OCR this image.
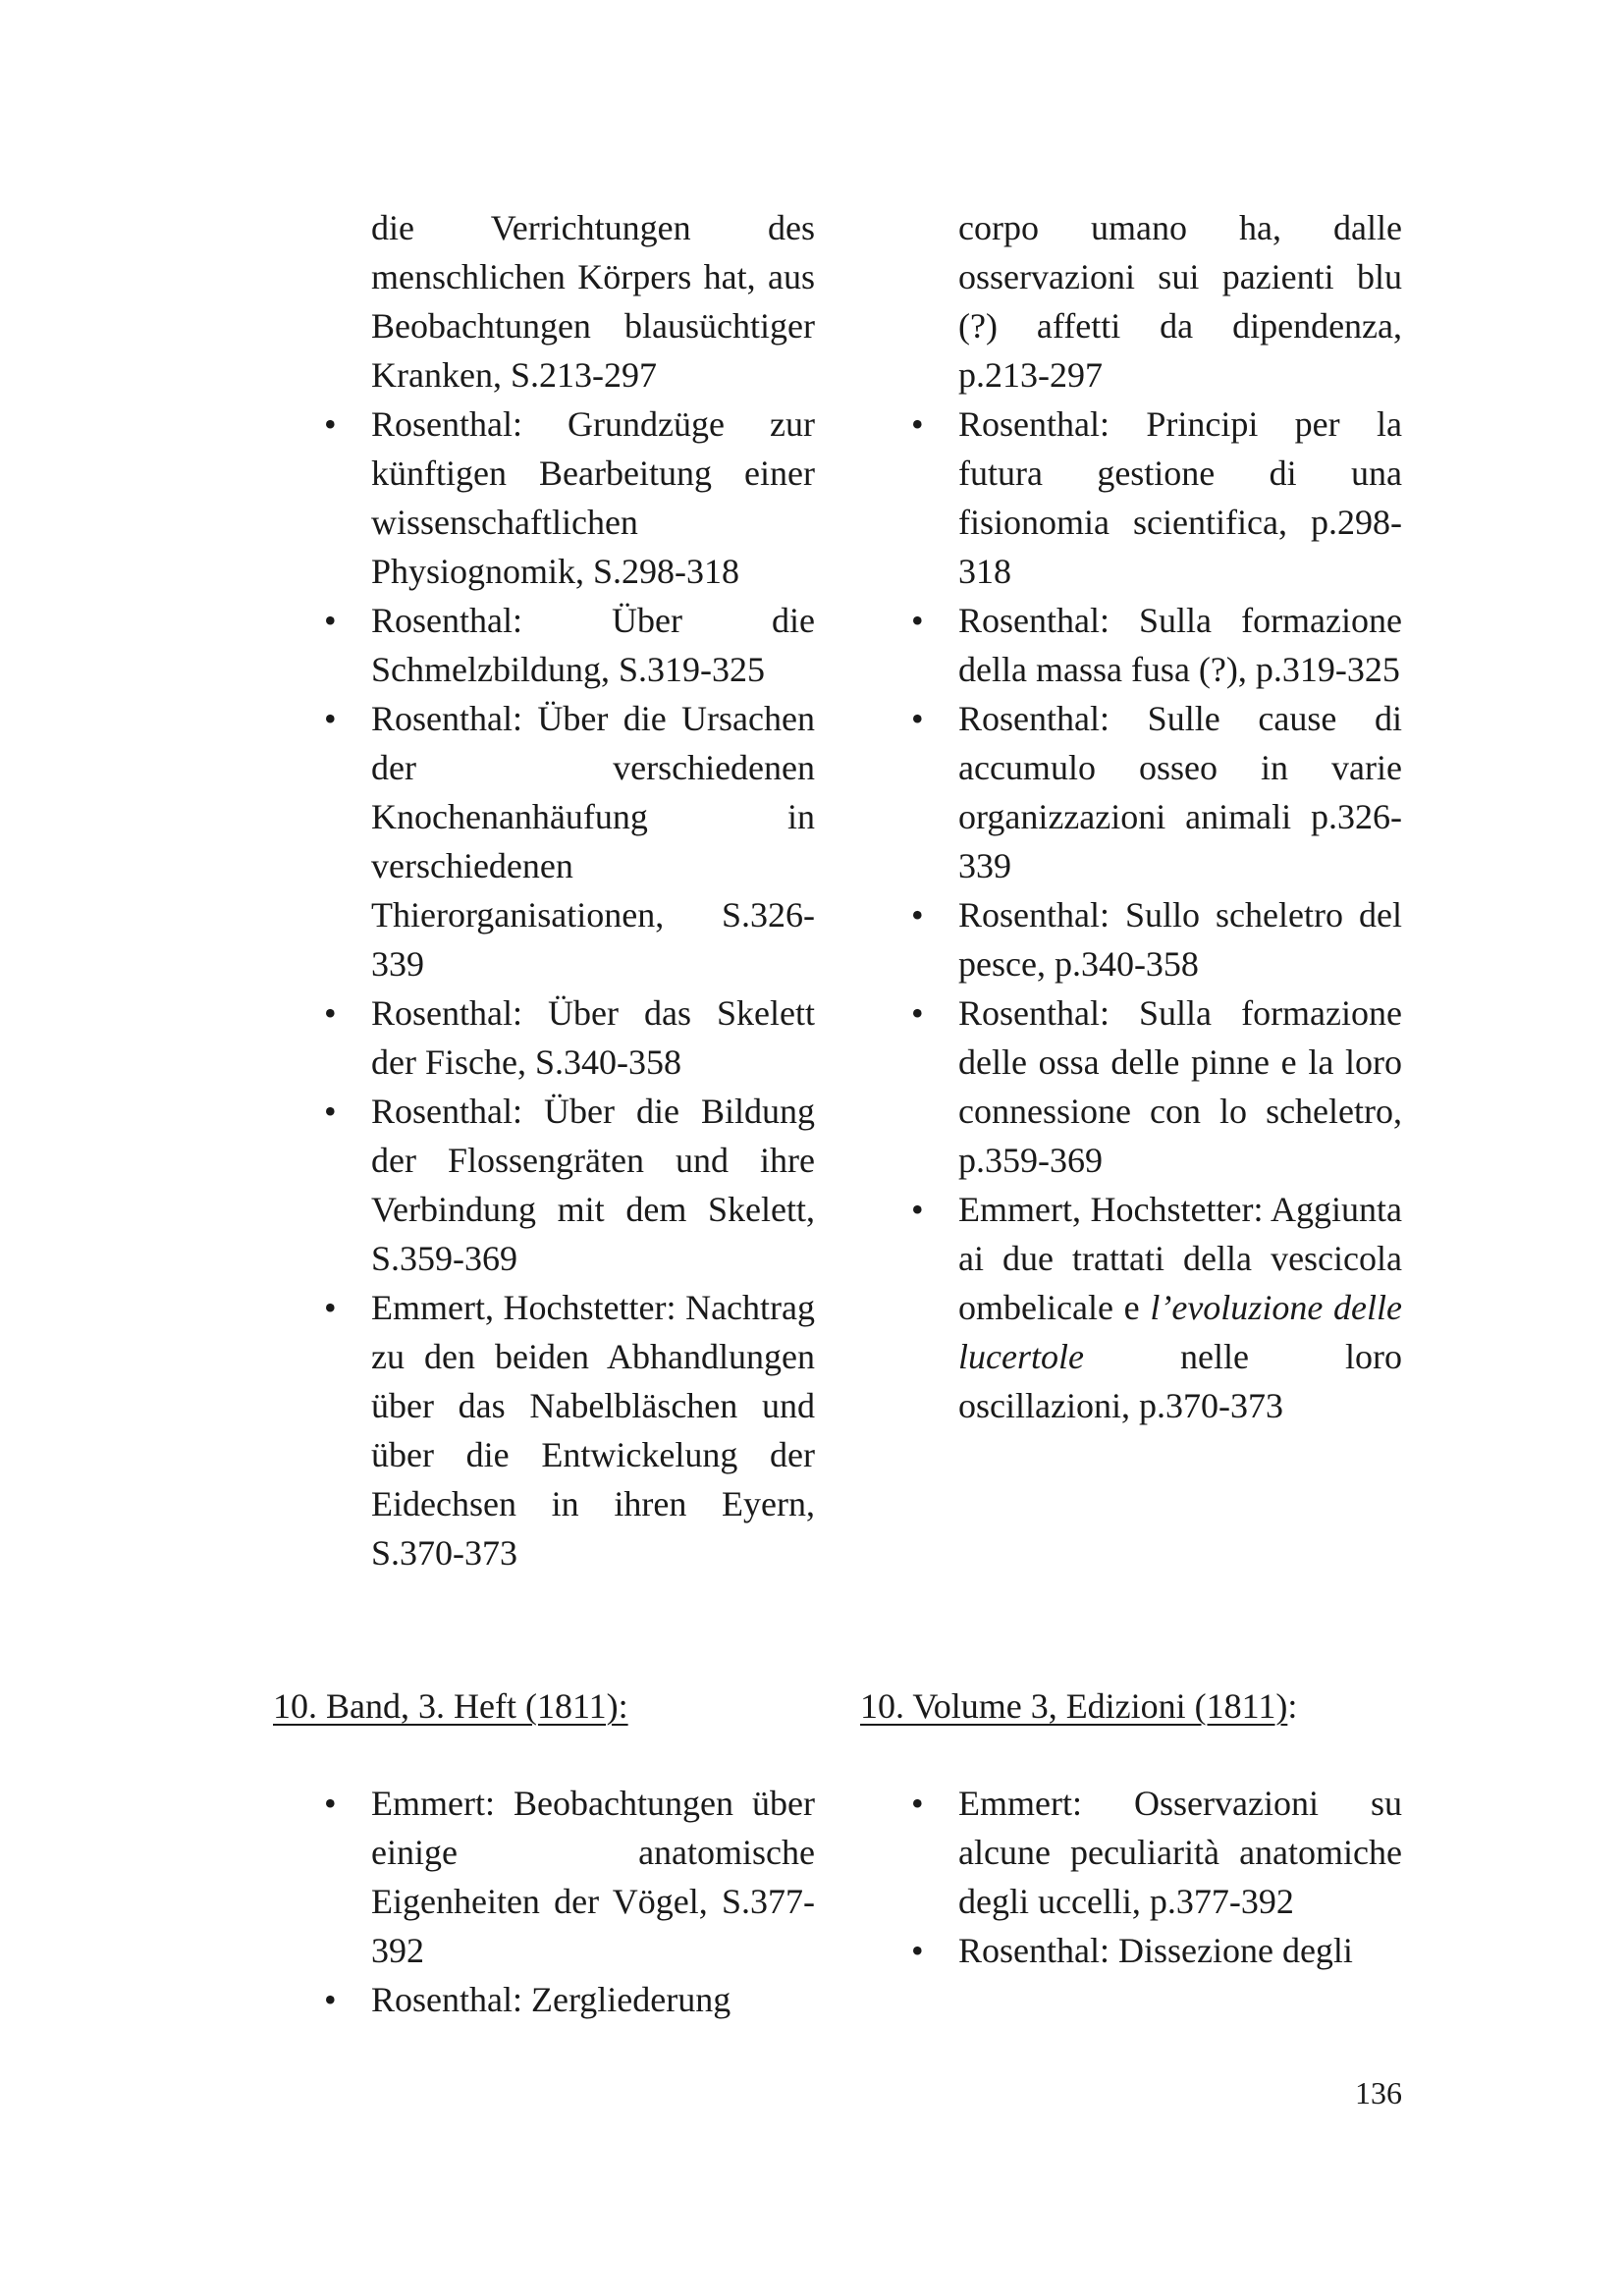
die Verrichtungen des menschlichen Körpers hat, aus Beobachtungen blausüchtiger Kranken, S.213-297
• Rosenthal: Grundzüge zur künftigen Bearbeitung einer wissenschaftlichen Physiognomik, S.298-318
• Rosenthal: Über die Schmelzbildung, S.319-325
• Rosenthal: Über die Ursachen der verschiedenen Knochenanhäufung in verschiedenen Thierorganisationen, S.326-339
• Rosenthal: Über das Skelett der Fische, S.340-358
• Rosenthal: Über die Bildung der Flossengräten und ihre Verbindung mit dem Skelett, S.359-369
• Emmert, Hochstetter: Nachtrag zu den beiden Abhandlungen über das Nabelbläschen und über die Entwickelung der Eidechsen in ihren Eyern, S.370-373
10. Band, 3. Heft (1811):
• Emmert: Beobachtungen über einige anatomische Eigenheiten der Vögel, S.377-392
• Rosenthal: Zergliederung
corpo umano ha, dalle osservazioni sui pazienti blu (?) affetti da dipendenza, p.213-297
• Rosenthal: Principi per la futura gestione di una fisionomia scientifica, p.298-318
• Rosenthal: Sulla formazione della massa fusa (?), p.319-325
• Rosenthal: Sulle cause di accumulo osseo in varie organizzazioni animali p.326-339
• Rosenthal: Sullo scheletro del pesce, p.340-358
• Rosenthal: Sulla formazione delle ossa delle pinne e la loro connessione con lo scheletro, p.359-369
• Emmert, Hochstetter: Aggiunta ai due trattati della vescicola ombelicale e l’evoluzione delle lucertole nelle loro oscillazioni, p.370-373
10. Volume 3, Edizioni (1811):
• Emmert: Osservazioni su alcune peculiarità anatomiche degli uccelli, p.377-392
• Rosenthal: Dissezione degli
136
